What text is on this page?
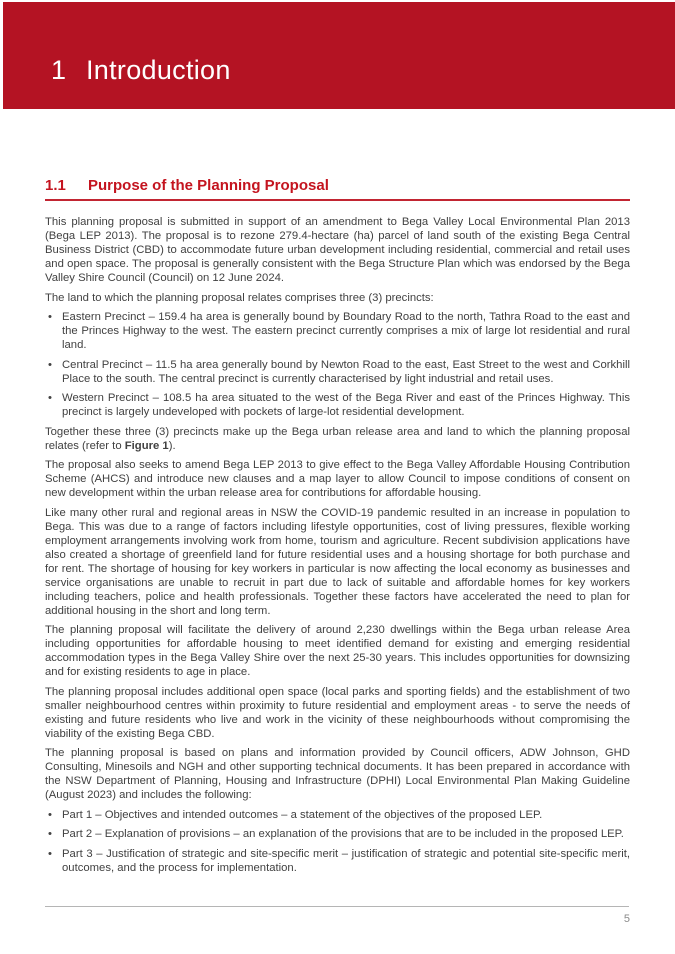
1 Introduction
1.1 Purpose of the Planning Proposal

This planning proposal is submitted in support of an amendment to Bega Valley Local Environmental Plan 2013 (Bega LEP 2013). The proposal is to rezone 279.4-hectare (ha) parcel of land south of the existing Bega Central Business District (CBD) to accommodate future urban development including residential, commercial and retail uses and open space. The proposal is generally consistent with the Bega Structure Plan which was endorsed by the Bega Valley Shire Council (Council) on 12 June 2024.

The land to which the planning proposal relates comprises three (3) precincts:

• Eastern Precinct – 159.4 ha area is generally bound by Boundary Road to the north, Tathra Road to the east and the Princes Highway to the west. The eastern precinct currently comprises a mix of large lot residential and rural land.
• Central Precinct – 11.5 ha area generally bound by Newton Road to the east, East Street to the west and Corkhill Place to the south. The central precinct is currently characterised by light industrial and retail uses.
• Western Precinct – 108.5 ha area situated to the west of the Bega River and east of the Princes Highway. This precinct is largely undeveloped with pockets of large-lot residential development.

Together these three (3) precincts make up the Bega urban release area and land to which the planning proposal relates (refer to Figure 1).

The proposal also seeks to amend Bega LEP 2013 to give effect to the Bega Valley Affordable Housing Contribution Scheme (AHCS) and introduce new clauses and a map layer to allow Council to impose conditions of consent on new development within the urban release area for contributions for affordable housing.

Like many other rural and regional areas in NSW the COVID-19 pandemic resulted in an increase in population to Bega. This was due to a range of factors including lifestyle opportunities, cost of living pressures, flexible working employment arrangements involving work from home, tourism and agriculture. Recent subdivision applications have also created a shortage of greenfield land for future residential uses and a housing shortage for both purchase and for rent. The shortage of housing for key workers in particular is now affecting the local economy as businesses and service organisations are unable to recruit in part due to lack of suitable and affordable homes for key workers including teachers, police and health professionals. Together these factors have accelerated the need to plan for additional housing in the short and long term.

The planning proposal will facilitate the delivery of around 2,230 dwellings within the Bega urban release Area including opportunities for affordable housing to meet identified demand for existing and emerging residential accommodation types in the Bega Valley Shire over the next 25-30 years. This includes opportunities for downsizing and for existing residents to age in place.

The planning proposal includes additional open space (local parks and sporting fields) and the establishment of two smaller neighbourhood centres within proximity to future residential and employment areas - to serve the needs of existing and future residents who live and work in the vicinity of these neighbourhoods without compromising the viability of the existing Bega CBD.

The planning proposal is based on plans and information provided by Council officers, ADW Johnson, GHD Consulting, Minesoils and NGH and other supporting technical documents. It has been prepared in accordance with the NSW Department of Planning, Housing and Infrastructure (DPHI) Local Environmental Plan Making Guideline (August 2023) and includes the following:

• Part 1 – Objectives and intended outcomes – a statement of the objectives of the proposed LEP.
• Part 2 – Explanation of provisions – an explanation of the provisions that are to be included in the proposed LEP.
• Part 3 – Justification of strategic and site-specific merit – justification of strategic and potential site-specific merit, outcomes, and the process for implementation.
5
